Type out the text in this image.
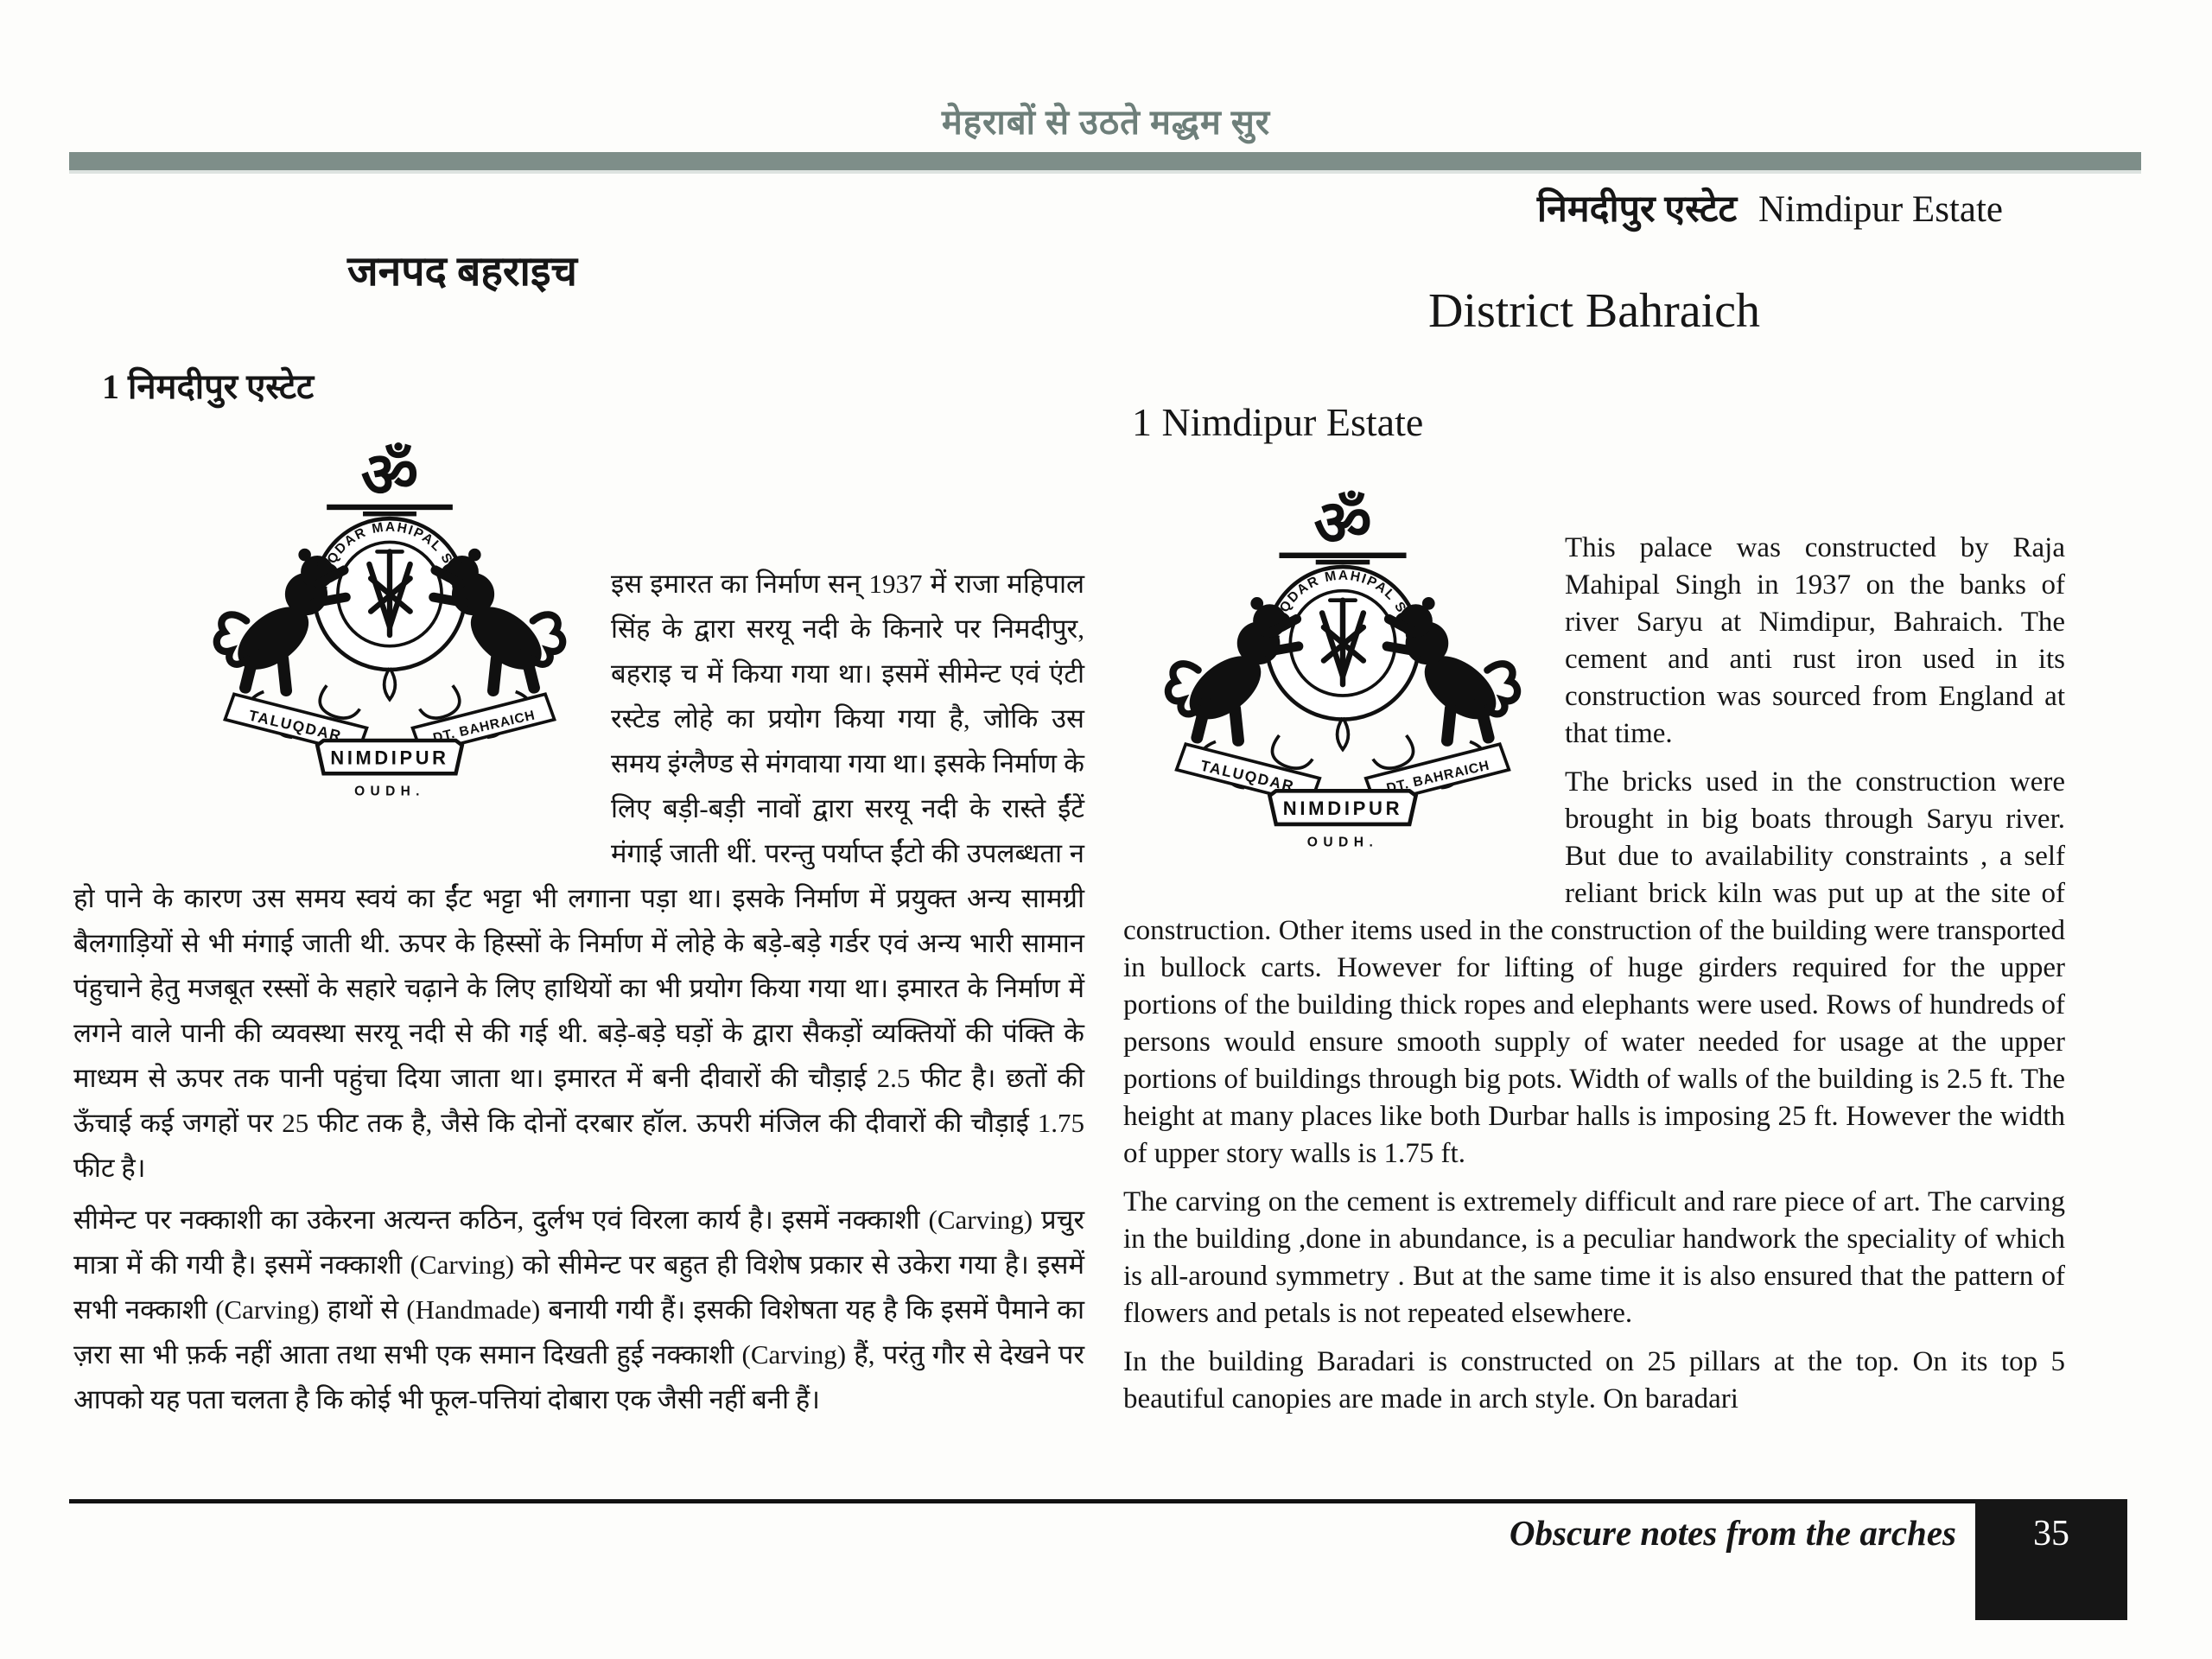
मेहराबों से उठते मद्धम सुर
निमदीपुर एस्टेट Nimdipur Estate
जनपद बहराइच
1 निमदीपुर एस्टेट
District Bahraich
1 Nimdipur Estate

इस इमारत का निर्माण सन् 1937 में राजा महिपाल सिंह के द्वारा सरयू नदी के किनारे पर निमदीपुर, बहराइ च में किया गया था। इसमें सीमेन्ट एवं एंटी रस्टेड लोहे का प्रयोग किया गया है, जोकि उस समय इंग्लैण्ड से मंगवाया गया था। इसके निर्माण के लिए बड़ी-बड़ी नावों द्वारा सरयू नदी के रास्ते ईंटें मंगाई जाती थीं. परन्तु पर्याप्त ईंटो की उपलब्धता न हो पाने के कारण उस समय स्वयं का ईंट भट्टा भी लगाना पड़ा था। इसके निर्माण में प्रयुक्त अन्य सामग्री बैलगाड़ियों से भी मंगाई जाती थी. ऊपर के हिस्सों के निर्माण में लोहे के बड़े-बड़े गर्डर एवं अन्य भारी सामान पंहुचाने हेतु मजबूत रस्सों के सहारे चढ़ाने के लिए हाथियों का भी प्रयोग किया गया था। इमारत के निर्माण में लगने वाले पानी की व्यवस्था सरयू नदी से की गई थी. बड़े-बड़े घड़ों के द्वारा सैकड़ों व्यक्तियों की पंक्ति के माध्यम से ऊपर तक पानी पहुंचा दिया जाता था। इमारत में बनी दीवारों की चौड़ाई 2.5 फीट है। छतों की ऊँचाई कई जगहों पर 25 फीट तक है, जैसे कि दोनों दरबार हॉल. ऊपरी मंजिल की दीवारों की चौड़ाई 1.75 फीट है।

सीमेन्ट पर नक्काशी का उकेरना अत्यन्त कठिन, दुर्लभ एवं विरला कार्य है। इसमें नक्काशी (Carving) प्रचुर मात्रा में की गयी है। इसमें नक्काशी (Carving) को सीमेन्ट पर बहुत ही विशेष प्रकार से उकेरा गया है। इसमें सभी नक्काशी (Carving) हाथों से (Handmade) बनायी गयी हैं। इसकी विशेषता यह है कि इसमें पैमाने का ज़रा सा भी फ़र्क नहीं आता तथा सभी एक समान दिखती हुई नक्काशी (Carving) हैं, परंतु गौर से देखने पर आपको यह पता चलता है कि कोई भी फूल-पत्तियां दोबारा एक जैसी नहीं बनी हैं।

This palace was constructed by Raja Mahipal Singh in 1937 on the banks of river Saryu at Nimdipur, Bahraich. The cement and anti rust iron used in its construction was sourced from England at that time.

The bricks used in the construction were brought in big boats through Saryu river. But due to availability constraints , a self reliant brick kiln was put up at the site of construction. Other items used in the construction of the building were transported in bullock carts. However for lifting of huge girders required for the upper portions of the building thick ropes and elephants were used. Rows of hundreds of persons would ensure smooth supply of water needed for usage at the upper portions of buildings through big pots. Width of walls of the building is 2.5 ft. The height at many places like both Durbar halls is imposing 25 ft. However the width of upper story walls is 1.75 ft.

The carving on the cement is extremely difficult and rare piece of art. The carving in the building ,done in abundance, is a peculiar handwork the speciality of which is all-around symmetry . But at the same time it is also ensured that the pattern of flowers and petals is not repeated elsewhere.

In the building Baradari is constructed on 25 pillars at the top. On its top 5 beautiful canopies are made in arch style. On baradari

Obscure notes from the arches	35
